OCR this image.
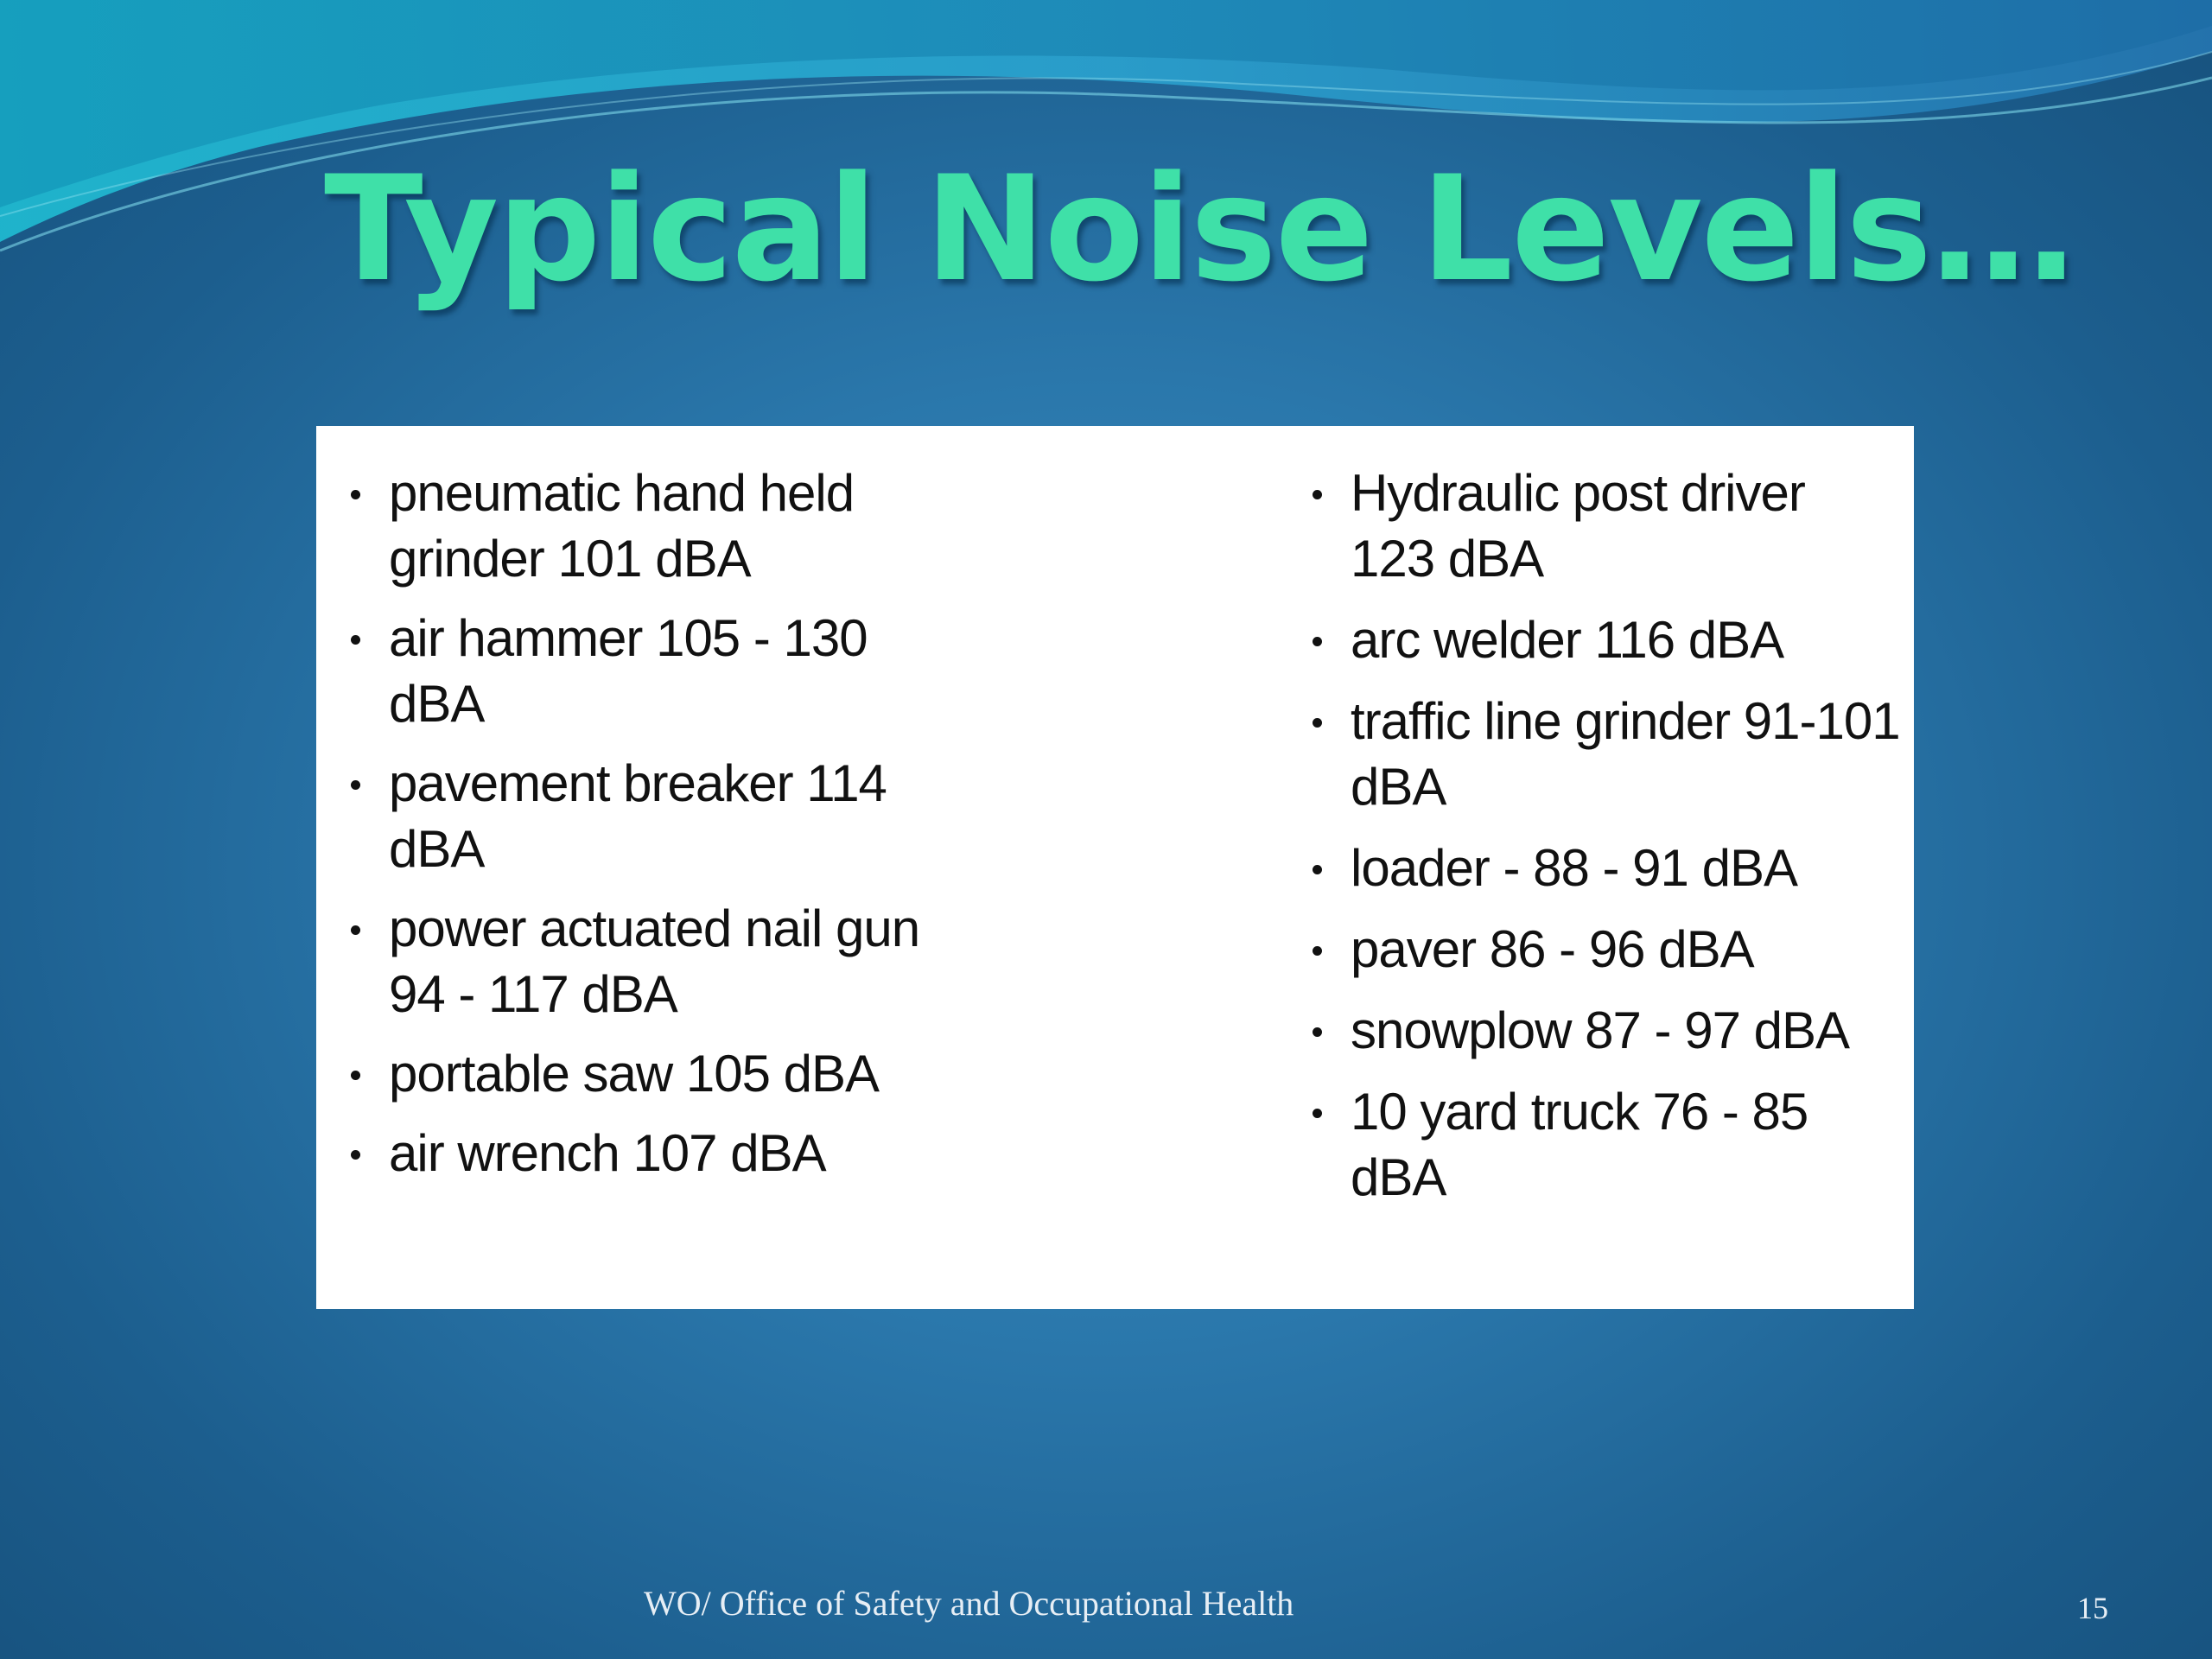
Typical Noise Levels…
pneumatic hand held grinder 101 dBA
air hammer 105 - 130 dBA
pavement breaker 114 dBA
power actuated nail gun 94 - 117 dBA
portable saw 105 dBA
air wrench 107 dBA
Hydraulic post driver 123 dBA
arc welder 116 dBA
traffic line grinder 91-101 dBA
loader - 88 - 91 dBA
paver 86 - 96 dBA
snowplow 87 - 97 dBA
10 yard truck 76 - 85 dBA
WO/ Office of Safety and Occupational Health	15
